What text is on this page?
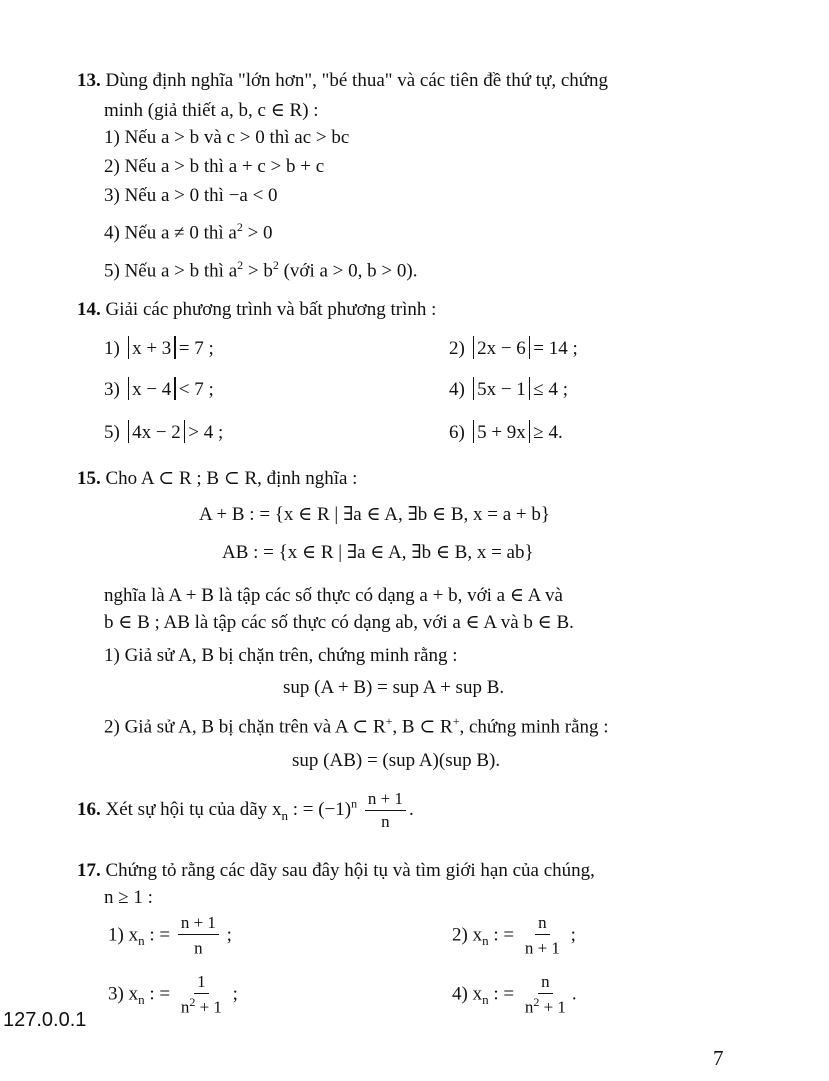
13. Dùng định nghĩa "lớn hơn", "bé thua" và các tiên đề thứ tự, chứng
minh (giả thiết a, b, c ∈ R) :
1) Nếu a > b và c > 0 thì ac > bc
2) Nếu a > b thì a + c > b + c
3) Nếu a > 0 thì −a < 0
4) Nếu a ≠ 0 thì $a^2 > 0$
5) Nếu a > b thì $a^2 > b^2$ (với a > 0, b > 0).
14. Giải các phương trình và bất phương trình :
1) x + 3 = 7 ;	2) 2x − 6 = 14 ;
3) x − 4 < 7 ;	4) 5x − 1 ≤ 4 ;
5) 4x − 2 > 4 ;	6) 5 + 9x ≥ 4.
15. Cho A ⊂ R ; B ⊂ R, định nghĩa :
A + B : = {x ∈ R | ∃a ∈ A, ∃b ∈ B, x = a + b}
AB : = {x ∈ R | ∃a ∈ A, ∃b ∈ B, x = ab}
nghĩa là A + B là tập các số thực có dạng a + b, với a ∈ A và
b ∈ B ; AB là tập các số thực có dạng ab, với a ∈ A và b ∈ B.
1) Giả sử A, B bị chặn trên, chứng minh rằng :
sup (A + B) = sup A + sup B.
2) Giả sử A, B bị chặn trên và A ⊂ R+, B ⊂ R+, chứng minh rằng :
sup (AB) = (sup A)(sup B).
16. Xét sự hội tụ của dãy $x_n$ : = $(-1)^n \frac{n + 1}{n}$ .
17. Chứng tỏ rằng các dãy sau đây hội tụ và tìm giới hạn của chúng,
n ≥ 1 :
1) $x_n$ : = $\frac{n + 1}{n}$ ;	2) $x_n$ : = $\frac{n}{n + 1}$ ;
3) $x_n$ : = $\frac{1}{n^2 + 1}$ ;	4) $x_n$ : = $\frac{n}{n^2 + 1}$ .
127.0.0.1
7
